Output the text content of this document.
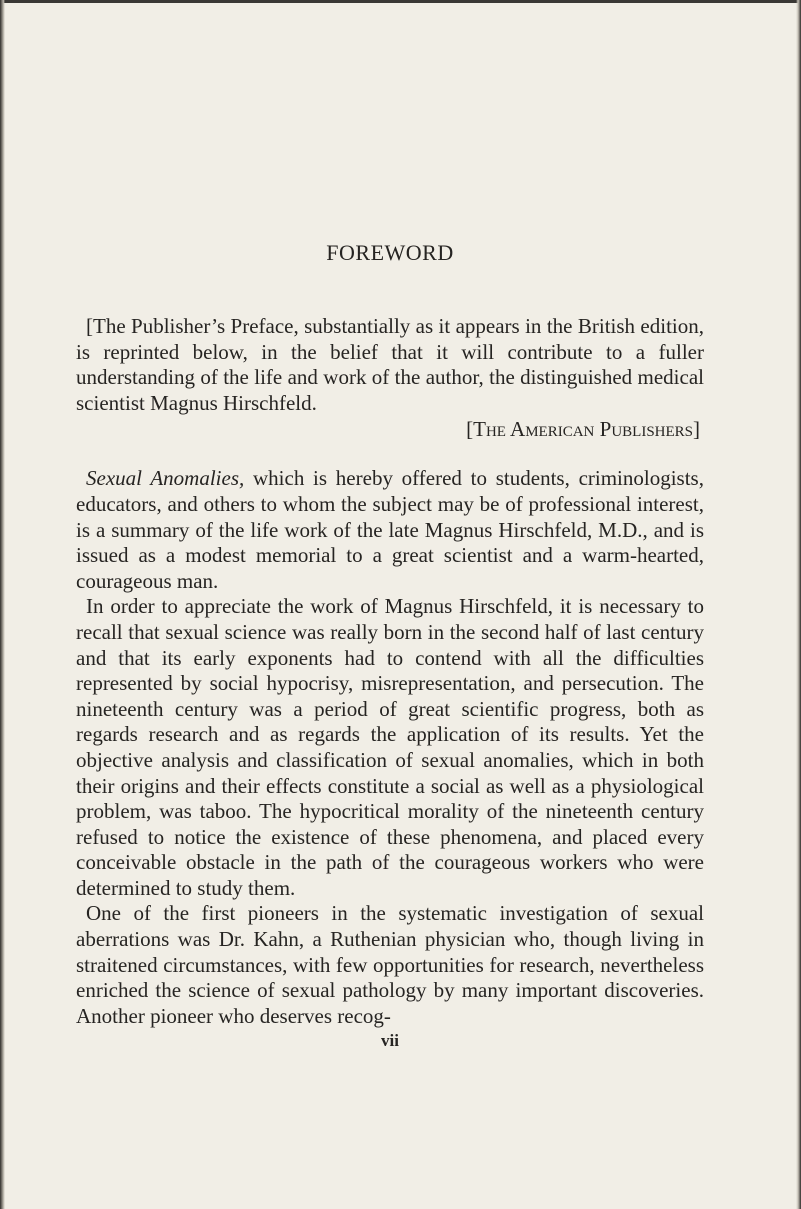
FOREWORD

[The Publisher’s Preface, substantially as it appears in the British edition, is reprinted below, in the belief that it will contribute to a fuller understanding of the life and work of the author, the distinguished medical scientist Magnus Hirschfeld.

[The American Publishers]

Sexual Anomalies, which is hereby offered to students, criminologists, educators, and others to whom the subject may be of professional interest, is a summary of the life work of the late Magnus Hirschfeld, M.D., and is issued as a modest memorial to a great scientist and a warm-hearted, courageous man.

In order to appreciate the work of Magnus Hirschfeld, it is necessary to recall that sexual science was really born in the second half of last century and that its early exponents had to contend with all the difficulties represented by social hypocrisy, misrepresentation, and persecution. The nineteenth century was a period of great scientific progress, both as regards research and as regards the application of its results. Yet the objective analysis and classification of sexual anomalies, which in both their origins and their effects constitute a social as well as a physiological problem, was taboo. The hypocritical morality of the nineteenth century refused to notice the existence of these phenomena, and placed every conceivable obstacle in the path of the courageous workers who were determined to study them.

One of the first pioneers in the systematic investigation of sexual aberrations was Dr. Kahn, a Ruthenian physician who, though living in straitened circumstances, with few opportunities for research, nevertheless enriched the science of sexual pathology by many important discoveries. Another pioneer who deserves recog-

vii
